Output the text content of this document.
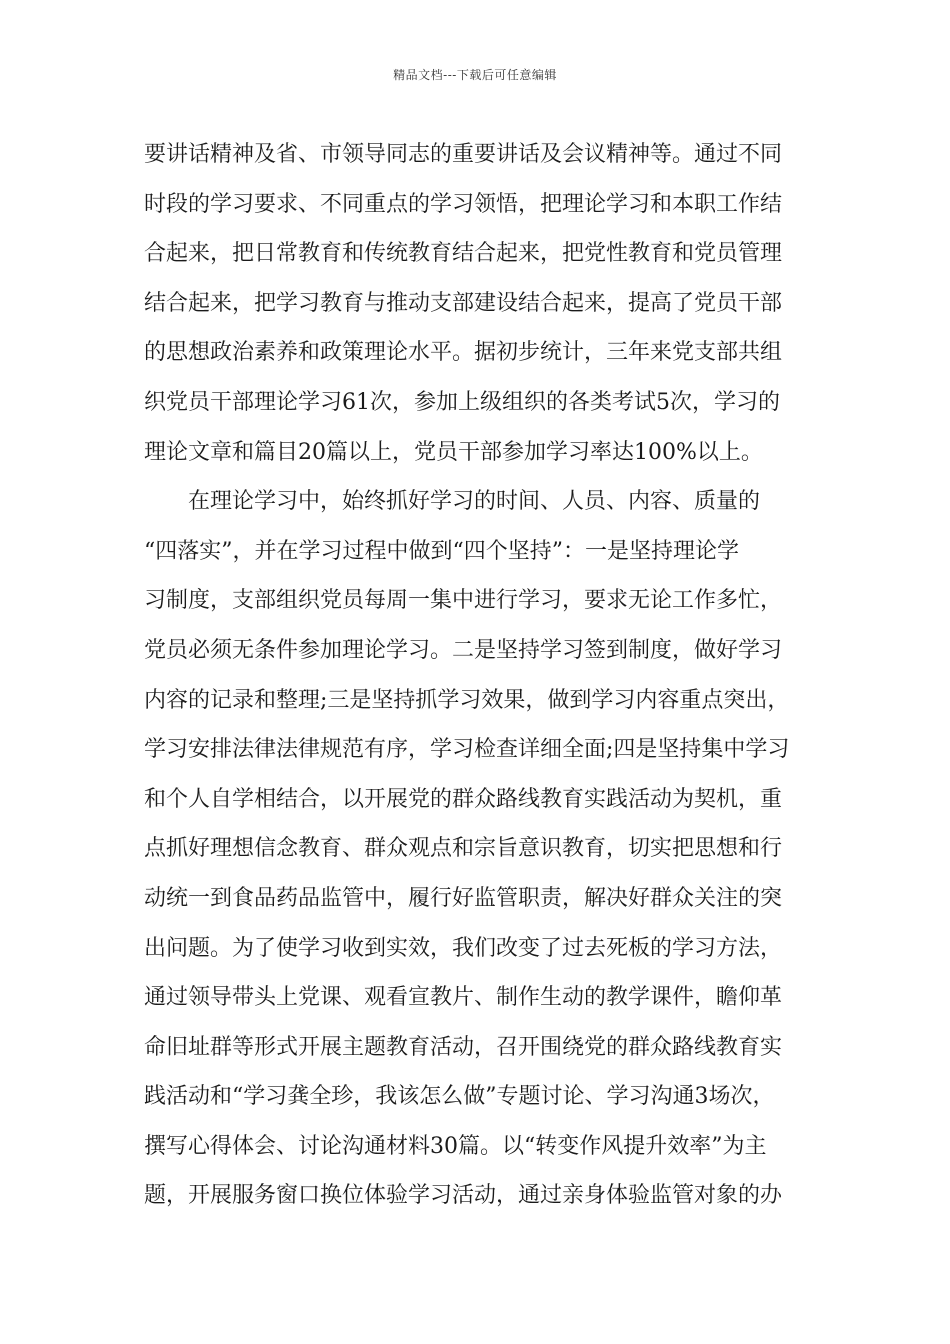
精品文档---下载后可任意编辑
要讲话精神及省、市领导同志的重要讲话及会议精神等。通过不同
时段的学习要求、不同重点的学习领悟，把理论学习和本职工作结
合起来，把日常教育和传统教育结合起来，把党性教育和党员管理
结合起来，把学习教育与推动支部建设结合起来，提高了党员干部
的思想政治素养和政策理论水平。据初步统计，三年来党支部共组
织党员干部理论学习61次，参加上级组织的各类考试5次，学习的
理论文章和篇目20篇以上，党员干部参加学习率达100%以上。
在理论学习中，始终抓好学习的时间、人员、内容、质量的
“四落实”，并在学习过程中做到“四个坚持”：一是坚持理论学
习制度，支部组织党员每周一集中进行学习，要求无论工作多忙，
党员必须无条件参加理论学习。二是坚持学习签到制度，做好学习
内容的记录和整理;三是坚持抓学习效果，做到学习内容重点突出，
学习安排法律法律规范有序，学习检查详细全面;四是坚持集中学习
和个人自学相结合，以开展党的群众路线教育实践活动为契机，重
点抓好理想信念教育、群众观点和宗旨意识教育，切实把思想和行
动统一到食品药品监管中，履行好监管职责，解决好群众关注的突
出问题。为了使学习收到实效，我们改变了过去死板的学习方法，
通过领导带头上党课、观看宣教片、制作生动的教学课件，瞻仰革
命旧址群等形式开展主题教育活动，召开围绕党的群众路线教育实
践活动和“学习龚全珍，我该怎么做”专题讨论、学习沟通3场次，
撰写心得体会、讨论沟通材料30篇。以“转变作风提升效率”为主
题，开展服务窗口换位体验学习活动，通过亲身体验监管对象的办
